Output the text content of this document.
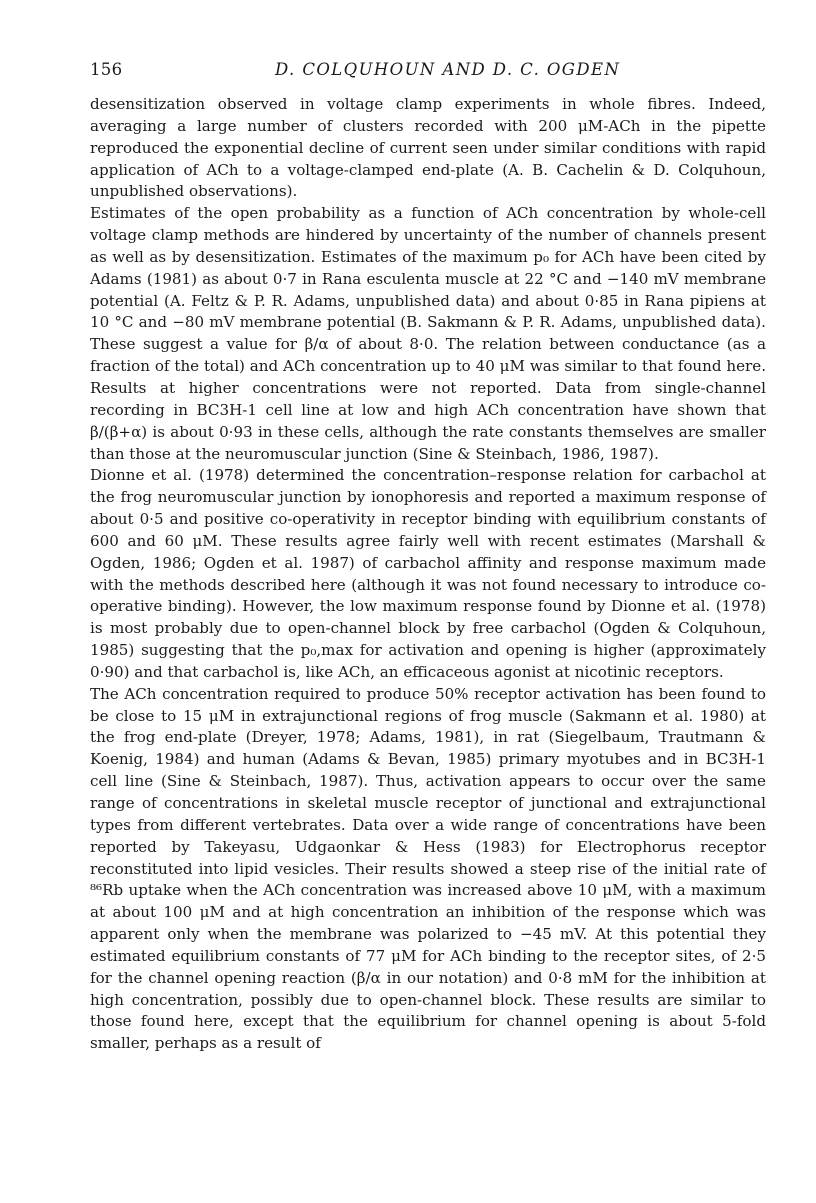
156	D. COLQUHOUN AND D. C. OGDEN

desensitization observed in voltage clamp experiments in whole fibres. Indeed, averaging a large number of clusters recorded with 200 μM-ACh in the pipette reproduced the exponential decline of current seen under similar conditions with rapid application of ACh to a voltage-clamped end-plate (A. B. Cachelin & D. Colquhoun, unpublished observations).

Estimates of the open probability as a function of ACh concentration by whole-cell voltage clamp methods are hindered by uncertainty of the number of channels present as well as by desensitization. Estimates of the maximum p₀ for ACh have been cited by Adams (1981) as about 0·7 in Rana esculenta muscle at 22 °C and −140 mV membrane potential (A. Feltz & P. R. Adams, unpublished data) and about 0·85 in Rana pipiens at 10 °C and −80 mV membrane potential (B. Sakmann & P. R. Adams, unpublished data). These suggest a value for β/α of about 8·0. The relation between conductance (as a fraction of the total) and ACh concentration up to 40 μM was similar to that found here. Results at higher concentrations were not reported. Data from single-channel recording in BC3H-1 cell line at low and high ACh concentration have shown that β/(β+α) is about 0·93 in these cells, although the rate constants themselves are smaller than those at the neuromuscular junction (Sine & Steinbach, 1986, 1987).

Dionne et al. (1978) determined the concentration–response relation for carbachol at the frog neuromuscular junction by ionophoresis and reported a maximum response of about 0·5 and positive co-operativity in receptor binding with equilibrium constants of 600 and 60 μM. These results agree fairly well with recent estimates (Marshall & Ogden, 1986; Ogden et al. 1987) of carbachol affinity and response maximum made with the methods described here (although it was not found necessary to introduce co-operative binding). However, the low maximum response found by Dionne et al. (1978) is most probably due to open-channel block by free carbachol (Ogden & Colquhoun, 1985) suggesting that the p₀,max for activation and opening is higher (approximately 0·90) and that carbachol is, like ACh, an efficaceous agonist at nicotinic receptors.

The ACh concentration required to produce 50% receptor activation has been found to be close to 15 μM in extrajunctional regions of frog muscle (Sakmann et al. 1980) at the frog end-plate (Dreyer, 1978; Adams, 1981), in rat (Siegelbaum, Trautmann & Koenig, 1984) and human (Adams & Bevan, 1985) primary myotubes and in BC3H-1 cell line (Sine & Steinbach, 1987). Thus, activation appears to occur over the same range of concentrations in skeletal muscle receptor of junctional and extrajunctional types from different vertebrates. Data over a wide range of concentrations have been reported by Takeyasu, Udgaonkar & Hess (1983) for Electrophorus receptor reconstituted into lipid vesicles. Their results showed a steep rise of the initial rate of ⁸⁶Rb uptake when the ACh concentration was increased above 10 μM, with a maximum at about 100 μM and at high concentration an inhibition of the response which was apparent only when the membrane was polarized to −45 mV. At this potential they estimated equilibrium constants of 77 μM for ACh binding to the receptor sites, of 2·5 for the channel opening reaction (β/α in our notation) and 0·8 mM for the inhibition at high concentration, possibly due to open-channel block. These results are similar to those found here, except that the equilibrium for channel opening is about 5-fold smaller, perhaps as a result of
